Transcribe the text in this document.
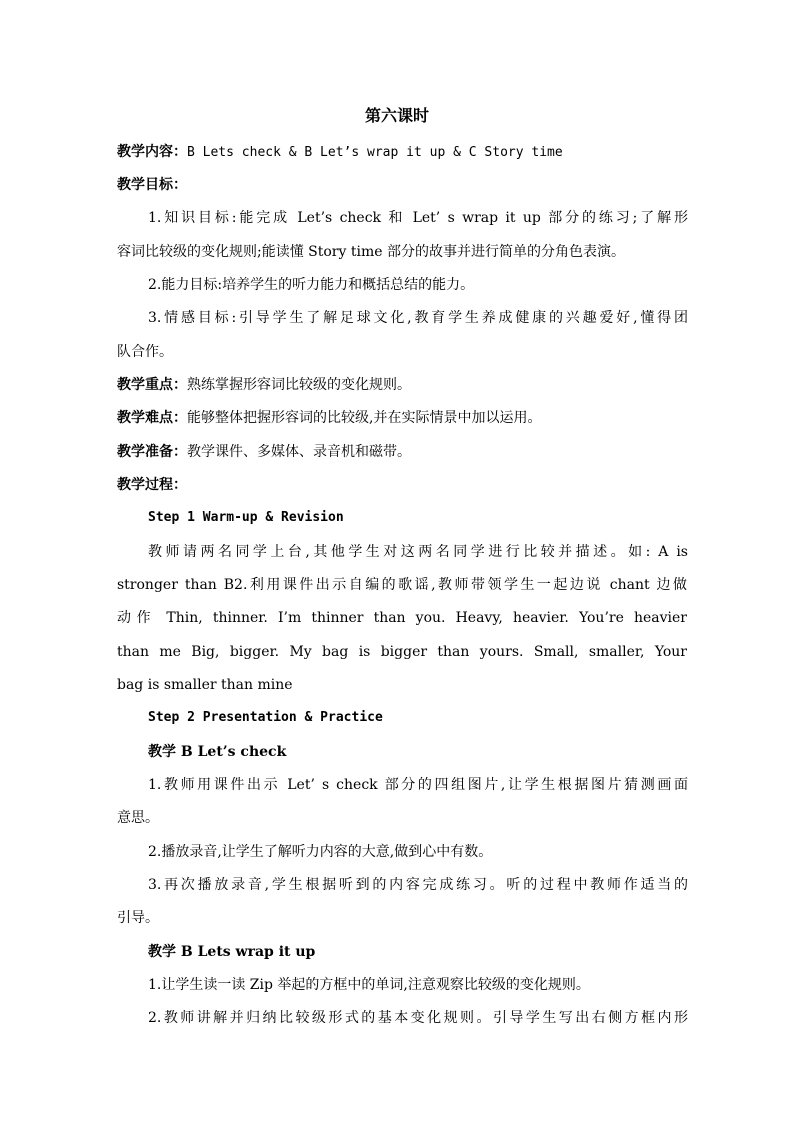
第六课时
教学内容：B Lets check & B Let’s wrap it up & C Story time
教学目标：
1.知识目标:能完成 Let’s check 和 Let’ s wrap it up 部分的练习;了解形
容词比较级的变化规则;能读懂 Story time 部分的故事并进行简单的分角色表演。
2.能力目标:培养学生的听力能力和概括总结的能力。
3.情感目标:引导学生了解足球文化,教育学生养成健康的兴趣爱好,懂得团
队合作。
教学重点：熟练掌握形容词比较级的变化规则。
教学难点：能够整体把握形容词的比较级,并在实际情景中加以运用。
教学准备：教学课件、多媒体、录音机和磁带。
教学过程：
Step 1 Warm-up & Revision
教师请两名同学上台,其他学生对这两名同学进行比较并描述。如: A is
stronger than B2.利用课件出示自编的歌谣,教师带领学生一起边说 chant 边做
动作 Thin, thinner. I’m thinner than you. Heavy, heavier. You’re heavier
than me Big, bigger. My bag is bigger than yours. Small, smaller, Your
bag is smaller than mine
Step 2 Presentation & Practice
教学 B Let’s check
1.教师用课件出示 Let’ s check 部分的四组图片,让学生根据图片猜测画面
意思。
2.播放录音,让学生了解听力内容的大意,做到心中有数。
3.再次播放录音,学生根据听到的内容完成练习。听的过程中教师作适当的
引导。
教学 B Lets wrap it up
1.让学生读一读 Zip 举起的方框中的单词,注意观察比较级的变化规则。
2.教师讲解并归纳比较级形式的基本变化规则。引导学生写出右侧方框内形
